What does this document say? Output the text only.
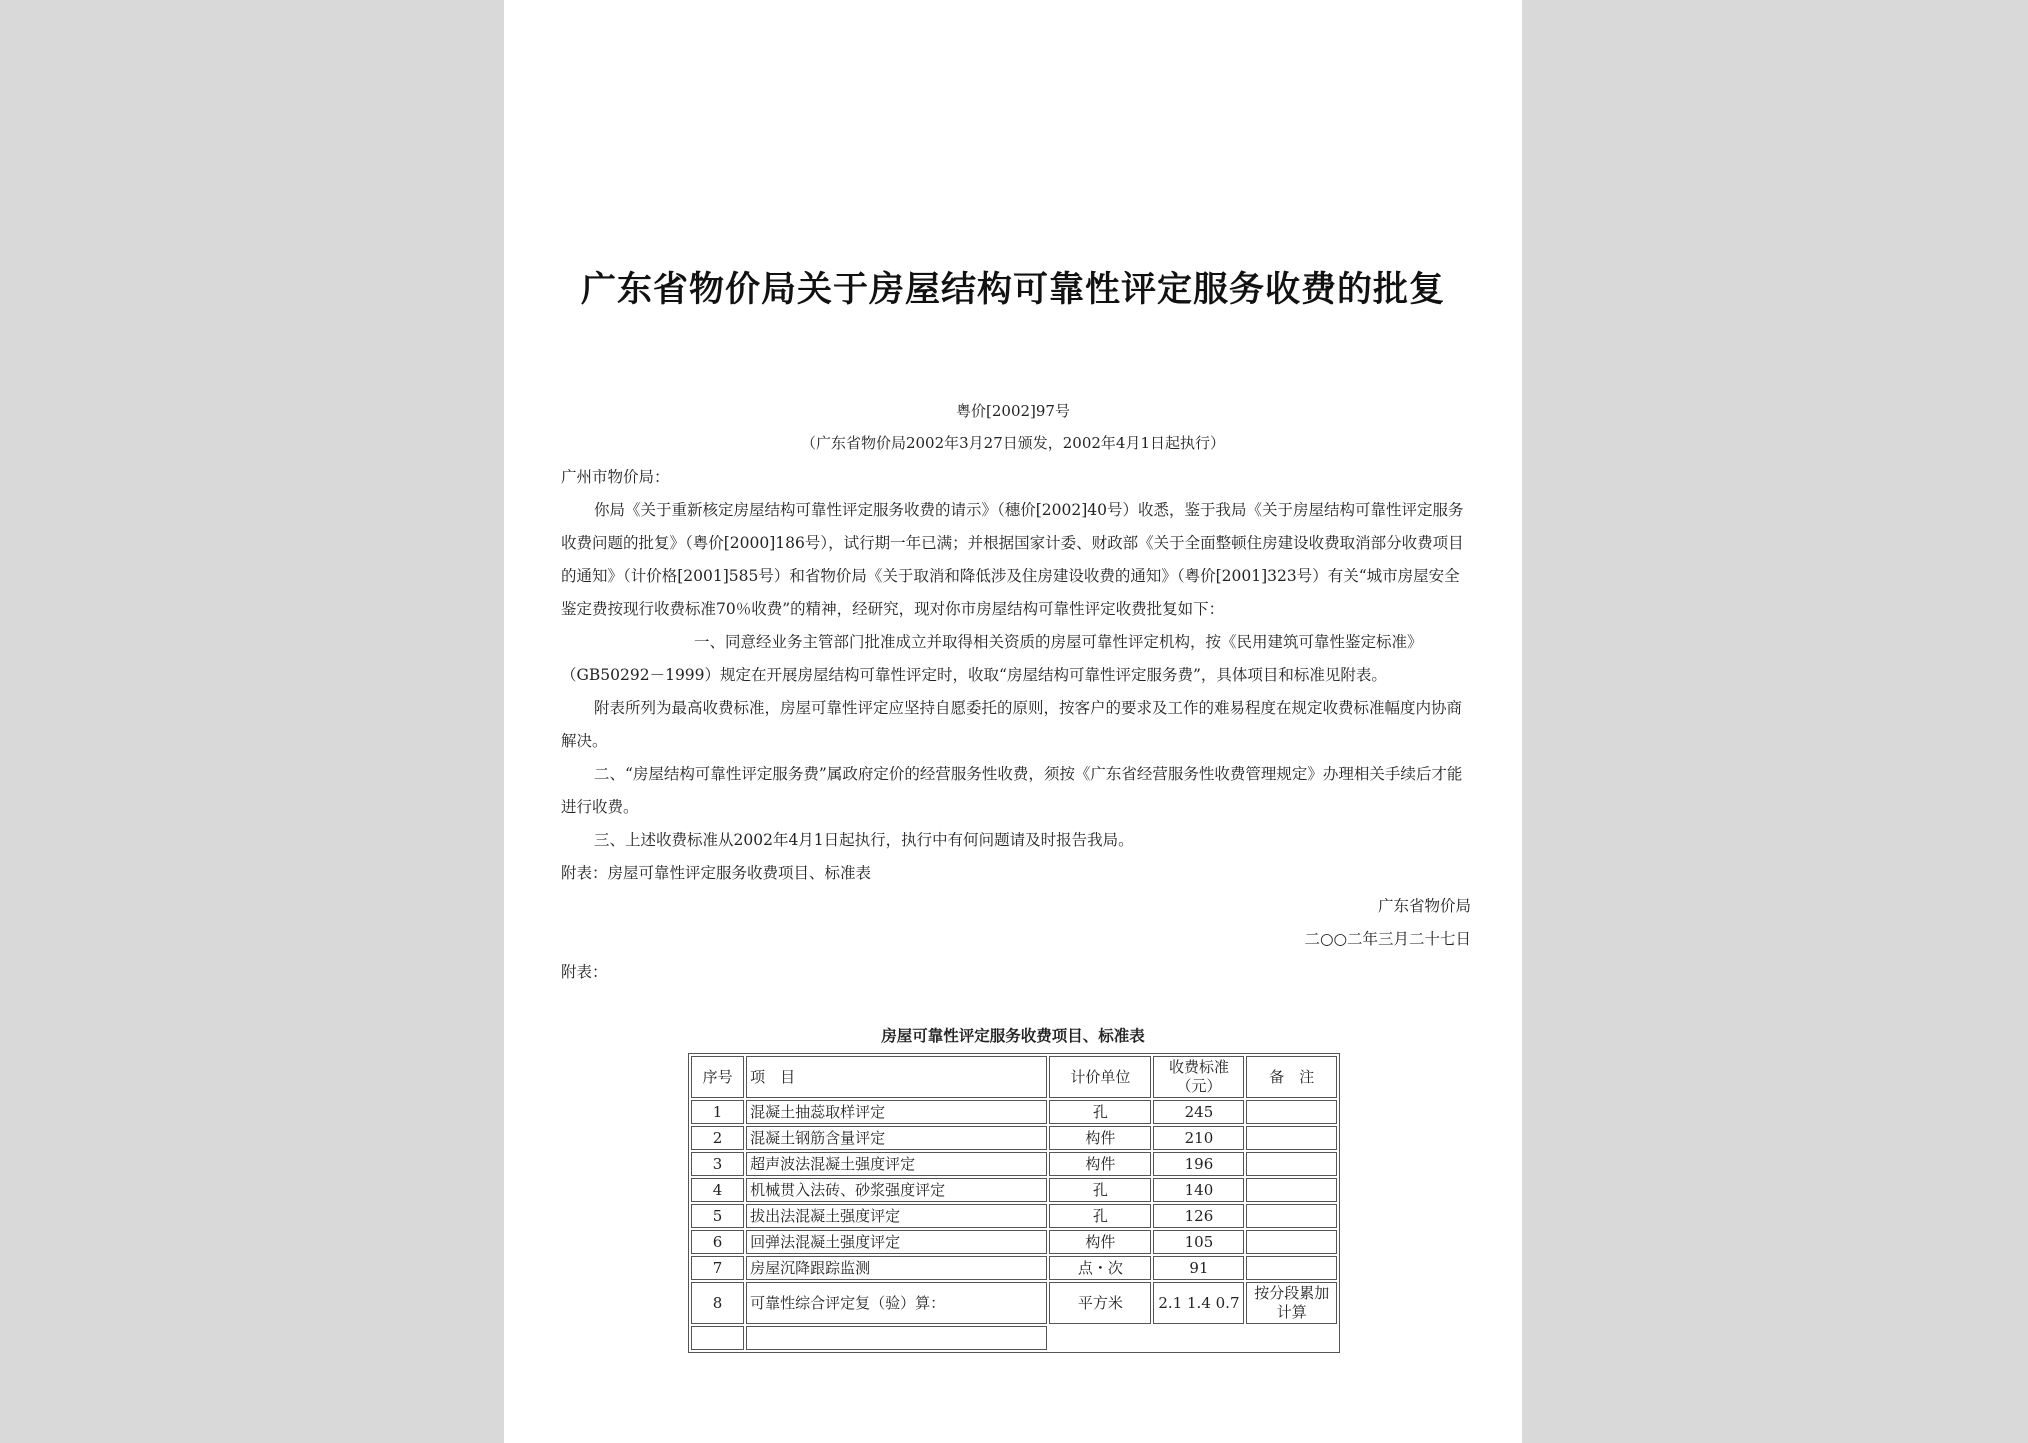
广东省物价局关于房屋结构可靠性评定服务收费的批复
粤价[2002]97号
（广东省物价局2002年3月27日颁发，2002年4月1日起执行）

广州市物价局：

你局《关于重新核定房屋结构可靠性评定服务收费的请示》（穗价[2002]40号）收悉，鉴于我局《关于房屋结构可靠性评定服务收费问题的批复》（粤价[2000]186号），试行期一年已满；并根据国家计委、财政部《关于全面整顿住房建设收费取消部分收费项目的通知》（计价格[2001]585号）和省物价局《关于取消和降低涉及住房建设收费的通知》（粤价[2001]323号）有关“城市房屋安全鉴定费按现行收费标准70％收费”的精神，经研究，现对你市房屋结构可靠性评定收费批复如下：

一、同意经业务主管部门批准成立并取得相关资质的房屋可靠性评定机构，按《民用建筑可靠性鉴定标准》（GB50292－1999）规定在开展房屋结构可靠性评定时，收取“房屋结构可靠性评定服务费”，具体项目和标准见附表。

附表所列为最高收费标准，房屋可靠性评定应坚持自愿委托的原则，按客户的要求及工作的难易程度在规定收费标准幅度内协商解决。

二、“房屋结构可靠性评定服务费”属政府定价的经营服务性收费，须按《广东省经营服务性收费管理规定》办理相关手续后才能进行收费。

三、上述收费标准从2002年4月1日起执行，执行中有何问题请及时报告我局。

附表：房屋可靠性评定服务收费项目、标准表

广东省物价局

二○○二年三月二十七日

附表：

房屋可靠性评定服务收费项目、标准表
序号	项　目	计价单位	收费标准（元）	备　注
1	混凝土抽蕊取样评定	孔	245	
2	混凝土钢筋含量评定	构件	210	
3	超声波法混凝土强度评定	构件	196	
4	机械贯入法砖、砂浆强度评定	孔	140	
5	拔出法混凝土强度评定	孔	126	
6	回弹法混凝土强度评定	构件	105	
7	房屋沉降跟踪监测	点・次	91	
8	可靠性综合评定复（验）算：	平方米	2.1 1.4 0.7	按分段累加计算
